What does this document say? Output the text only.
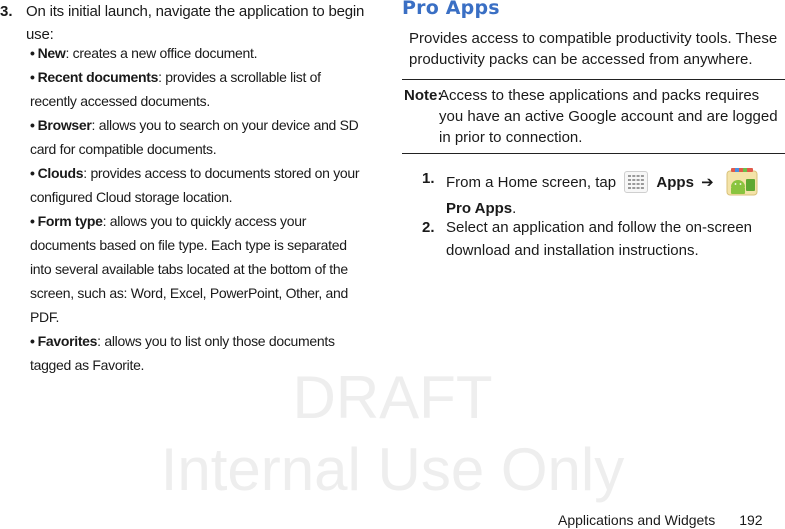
DRAFT
Internal Use Only
3. On its initial launch, navigate the application to begin use:
• New: creates a new office document.
• Recent documents: provides a scrollable list of recently accessed documents.
• Browser: allows you to search on your device and SD card for compatible documents.
• Clouds: provides access to documents stored on your configured Cloud storage location.
• Form type: allows you to quickly access your documents based on file type. Each type is separated into several available tabs located at the bottom of the screen, such as: Word, Excel, PowerPoint, Other, and PDF.
• Favorites: allows you to list only those documents tagged as Favorite.
Pro Apps
Provides access to compatible productivity tools. These productivity packs can be accessed from anywhere.
Note:
Access to these applications and packs requires you have an active Google account and are logged in prior to connection.
1. From a Home screen, tap	Apps ➔
Pro Apps.
2. Select an application and follow the on-screen download and installation instructions.
Applications and Widgets 192
